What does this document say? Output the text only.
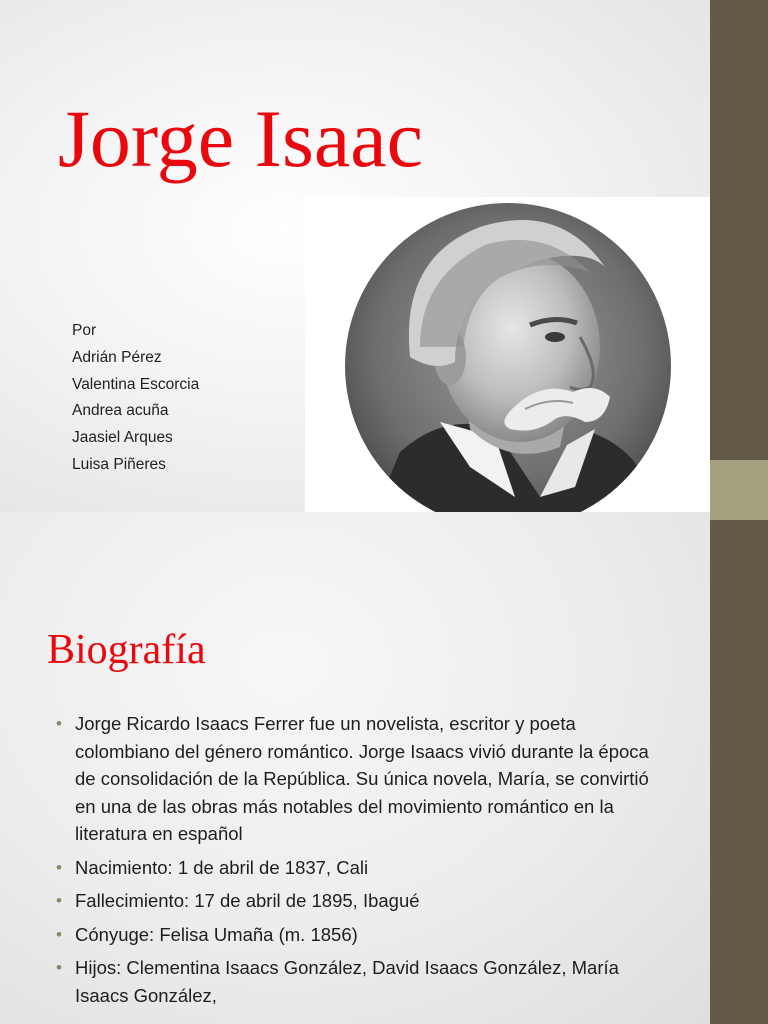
Jorge Isaac
Por
Adrián Pérez
Valentina Escorcia
Andrea acuña
Jaasiel Arques
Luisa Piñeres
Biografía
• Jorge Ricardo Isaacs Ferrer fue un novelista, escritor y poeta colombiano del género romántico. Jorge Isaacs vivió durante la época de consolidación de la República. Su única novela, María, se convirtió en una de las obras más notables del movimiento romántico en la literatura en español
• Nacimiento: 1 de abril de 1837, Cali
• Fallecimiento: 17 de abril de 1895, Ibagué
• Cónyuge: Felisa Umaña (m. 1856)
• Hijos: Clementina Isaacs González, David Isaacs González, María Isaacs González,
